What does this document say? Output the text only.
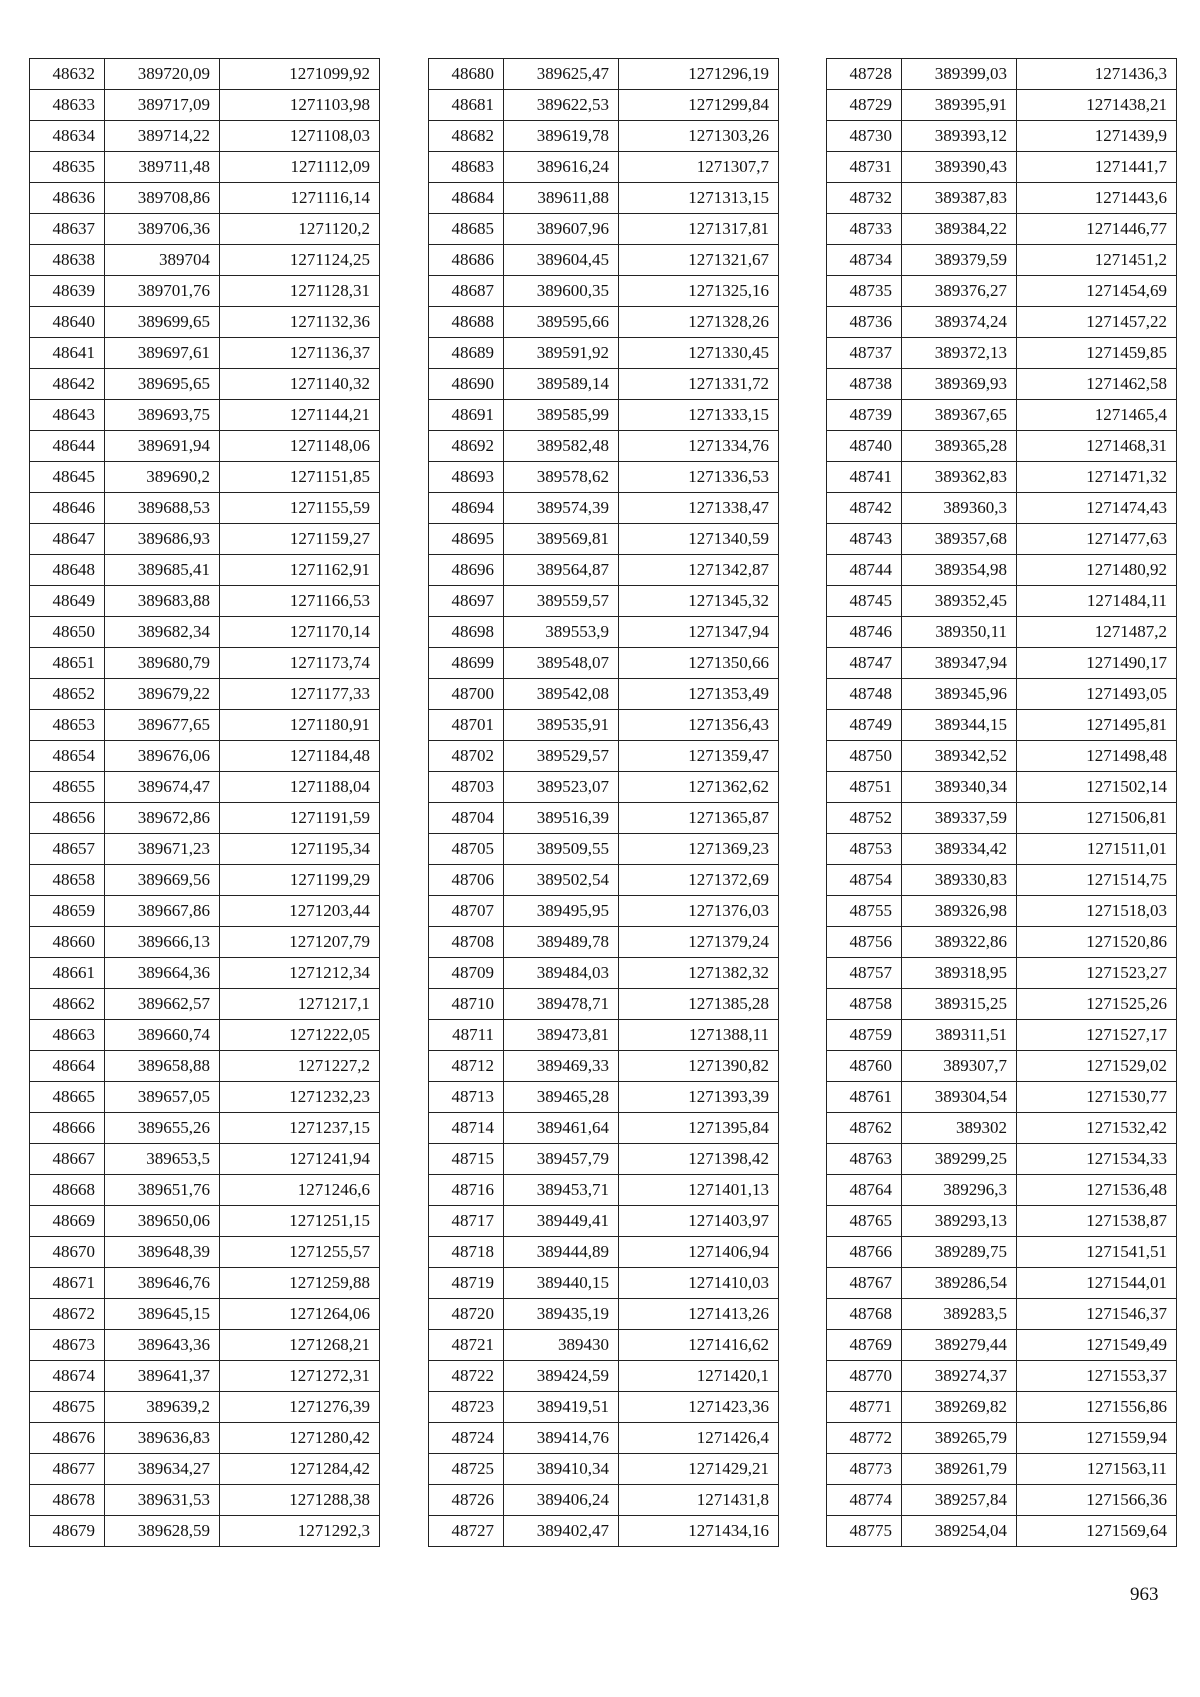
48632	389720,09	1271099,92
48633	389717,09	1271103,98
48634	389714,22	1271108,03
48635	389711,48	1271112,09
48636	389708,86	1271116,14
48637	389706,36	1271120,2
48638	389704	1271124,25
48639	389701,76	1271128,31
48640	389699,65	1271132,36
48641	389697,61	1271136,37
48642	389695,65	1271140,32
48643	389693,75	1271144,21
48644	389691,94	1271148,06
48645	389690,2	1271151,85
48646	389688,53	1271155,59
48647	389686,93	1271159,27
48648	389685,41	1271162,91
48649	389683,88	1271166,53
48650	389682,34	1271170,14
48651	389680,79	1271173,74
48652	389679,22	1271177,33
48653	389677,65	1271180,91
48654	389676,06	1271184,48
48655	389674,47	1271188,04
48656	389672,86	1271191,59
48657	389671,23	1271195,34
48658	389669,56	1271199,29
48659	389667,86	1271203,44
48660	389666,13	1271207,79
48661	389664,36	1271212,34
48662	389662,57	1271217,1
48663	389660,74	1271222,05
48664	389658,88	1271227,2
48665	389657,05	1271232,23
48666	389655,26	1271237,15
48667	389653,5	1271241,94
48668	389651,76	1271246,6
48669	389650,06	1271251,15
48670	389648,39	1271255,57
48671	389646,76	1271259,88
48672	389645,15	1271264,06
48673	389643,36	1271268,21
48674	389641,37	1271272,31
48675	389639,2	1271276,39
48676	389636,83	1271280,42
48677	389634,27	1271284,42
48678	389631,53	1271288,38
48679	389628,59	1271292,3
48680	389625,47	1271296,19
48681	389622,53	1271299,84
48682	389619,78	1271303,26
48683	389616,24	1271307,7
48684	389611,88	1271313,15
48685	389607,96	1271317,81
48686	389604,45	1271321,67
48687	389600,35	1271325,16
48688	389595,66	1271328,26
48689	389591,92	1271330,45
48690	389589,14	1271331,72
48691	389585,99	1271333,15
48692	389582,48	1271334,76
48693	389578,62	1271336,53
48694	389574,39	1271338,47
48695	389569,81	1271340,59
48696	389564,87	1271342,87
48697	389559,57	1271345,32
48698	389553,9	1271347,94
48699	389548,07	1271350,66
48700	389542,08	1271353,49
48701	389535,91	1271356,43
48702	389529,57	1271359,47
48703	389523,07	1271362,62
48704	389516,39	1271365,87
48705	389509,55	1271369,23
48706	389502,54	1271372,69
48707	389495,95	1271376,03
48708	389489,78	1271379,24
48709	389484,03	1271382,32
48710	389478,71	1271385,28
48711	389473,81	1271388,11
48712	389469,33	1271390,82
48713	389465,28	1271393,39
48714	389461,64	1271395,84
48715	389457,79	1271398,42
48716	389453,71	1271401,13
48717	389449,41	1271403,97
48718	389444,89	1271406,94
48719	389440,15	1271410,03
48720	389435,19	1271413,26
48721	389430	1271416,62
48722	389424,59	1271420,1
48723	389419,51	1271423,36
48724	389414,76	1271426,4
48725	389410,34	1271429,21
48726	389406,24	1271431,8
48727	389402,47	1271434,16
48728	389399,03	1271436,3
48729	389395,91	1271438,21
48730	389393,12	1271439,9
48731	389390,43	1271441,7
48732	389387,83	1271443,6
48733	389384,22	1271446,77
48734	389379,59	1271451,2
48735	389376,27	1271454,69
48736	389374,24	1271457,22
48737	389372,13	1271459,85
48738	389369,93	1271462,58
48739	389367,65	1271465,4
48740	389365,28	1271468,31
48741	389362,83	1271471,32
48742	389360,3	1271474,43
48743	389357,68	1271477,63
48744	389354,98	1271480,92
48745	389352,45	1271484,11
48746	389350,11	1271487,2
48747	389347,94	1271490,17
48748	389345,96	1271493,05
48749	389344,15	1271495,81
48750	389342,52	1271498,48
48751	389340,34	1271502,14
48752	389337,59	1271506,81
48753	389334,42	1271511,01
48754	389330,83	1271514,75
48755	389326,98	1271518,03
48756	389322,86	1271520,86
48757	389318,95	1271523,27
48758	389315,25	1271525,26
48759	389311,51	1271527,17
48760	389307,7	1271529,02
48761	389304,54	1271530,77
48762	389302	1271532,42
48763	389299,25	1271534,33
48764	389296,3	1271536,48
48765	389293,13	1271538,87
48766	389289,75	1271541,51
48767	389286,54	1271544,01
48768	389283,5	1271546,37
48769	389279,44	1271549,49
48770	389274,37	1271553,37
48771	389269,82	1271556,86
48772	389265,79	1271559,94
48773	389261,79	1271563,11
48774	389257,84	1271566,36
48775	389254,04	1271569,64
963
